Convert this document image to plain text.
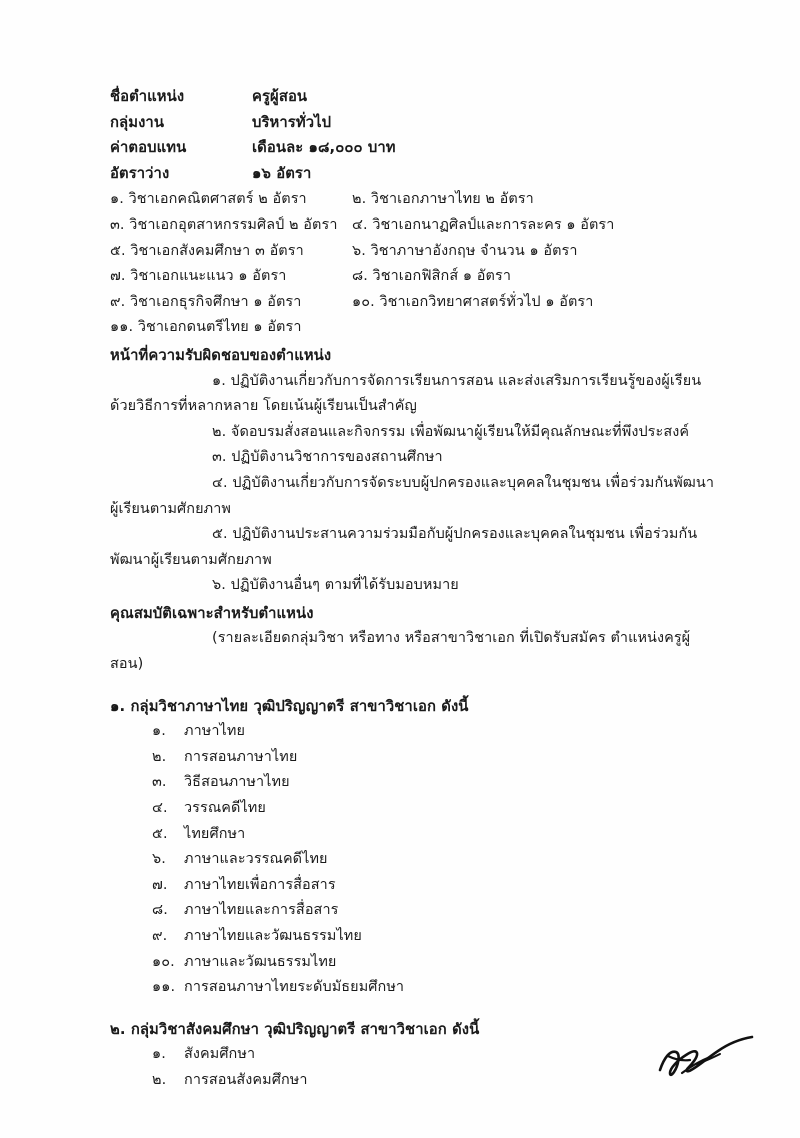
ชื่อตำแหน่ง	ครูผู้สอน
กลุ่มงาน	บริหารทั่วไป
ค่าตอบแทน	เดือนละ ๑๘,๐๐๐ บาท
อัตราว่าง	๑๖ อัตรา
๑. วิชาเอกคณิตศาสตร์ ๒ อัตรา	๒. วิชาเอกภาษาไทย ๒ อัตรา
๓. วิชาเอกอุตสาหกรรมศิลป์ ๒ อัตรา	๔. วิชาเอกนาฏศิลป์และการละคร ๑ อัตรา
๕. วิชาเอกสังคมศึกษา ๓ อัตรา	๖. วิชาภาษาอังกฤษ จำนวน ๑ อัตรา
๗. วิชาเอกแนะแนว ๑ อัตรา	๘. วิชาเอกฟิสิกส์ ๑ อัตรา
๙. วิชาเอกธุรกิจศึกษา ๑ อัตรา	๑๐. วิชาเอกวิทยาศาสตร์ทั่วไป ๑ อัตรา
๑๑. วิชาเอกดนตรีไทย ๑ อัตรา
หน้าที่ความรับผิดชอบของตำแหน่ง

๑. ปฏิบัติงานเกี่ยวกับการจัดการเรียนการสอน และส่งเสริมการเรียนรู้ของผู้เรียน ด้วยวิธีการที่หลากหลาย โดยเน้นผู้เรียนเป็นสำคัญ

๒. จัดอบรมสั่งสอนและกิจกรรม เพื่อพัฒนาผู้เรียนให้มีคุณลักษณะที่พึงประสงค์

๓. ปฏิบัติงานวิชาการของสถานศึกษา

๔. ปฏิบัติงานเกี่ยวกับการจัดระบบผู้ปกครองและบุคคลในชุมชน เพื่อร่วมกันพัฒนาผู้เรียนตามศักยภาพ

๕. ปฏิบัติงานประสานความร่วมมือกับผู้ปกครองและบุคคลในชุมชน เพื่อร่วมกันพัฒนาผู้เรียนตามศักยภาพ

๖. ปฏิบัติงานอื่นๆ ตามที่ได้รับมอบหมาย

คุณสมบัติเฉพาะสำหรับตำแหน่ง
(รายละเอียดกลุ่มวิชา หรือทาง หรือสาขาวิชาเอก ที่เปิดรับสมัคร ตำแหน่งครูผู้สอน)
๑. กลุ่มวิชาภาษาไทย วุฒิปริญญาตรี สาขาวิชาเอก ดังนี้
๑.	ภาษาไทย
๒.	การสอนภาษาไทย
๓.	วิธีสอนภาษาไทย
๔.	วรรณคดีไทย
๕.	ไทยศึกษา
๖.	ภาษาและวรรณคดีไทย
๗.	ภาษาไทยเพื่อการสื่อสาร
๘.	ภาษาไทยและการสื่อสาร
๙.	ภาษาไทยและวัฒนธรรมไทย
๑๐. ภาษาและวัฒนธรรมไทย
๑๑. การสอนภาษาไทยระดับมัธยมศึกษา
๒. กลุ่มวิชาสังคมศึกษา วุฒิปริญญาตรี สาขาวิชาเอก ดังนี้
๑.	สังคมศึกษา
๒.	การสอนสังคมศึกษา
